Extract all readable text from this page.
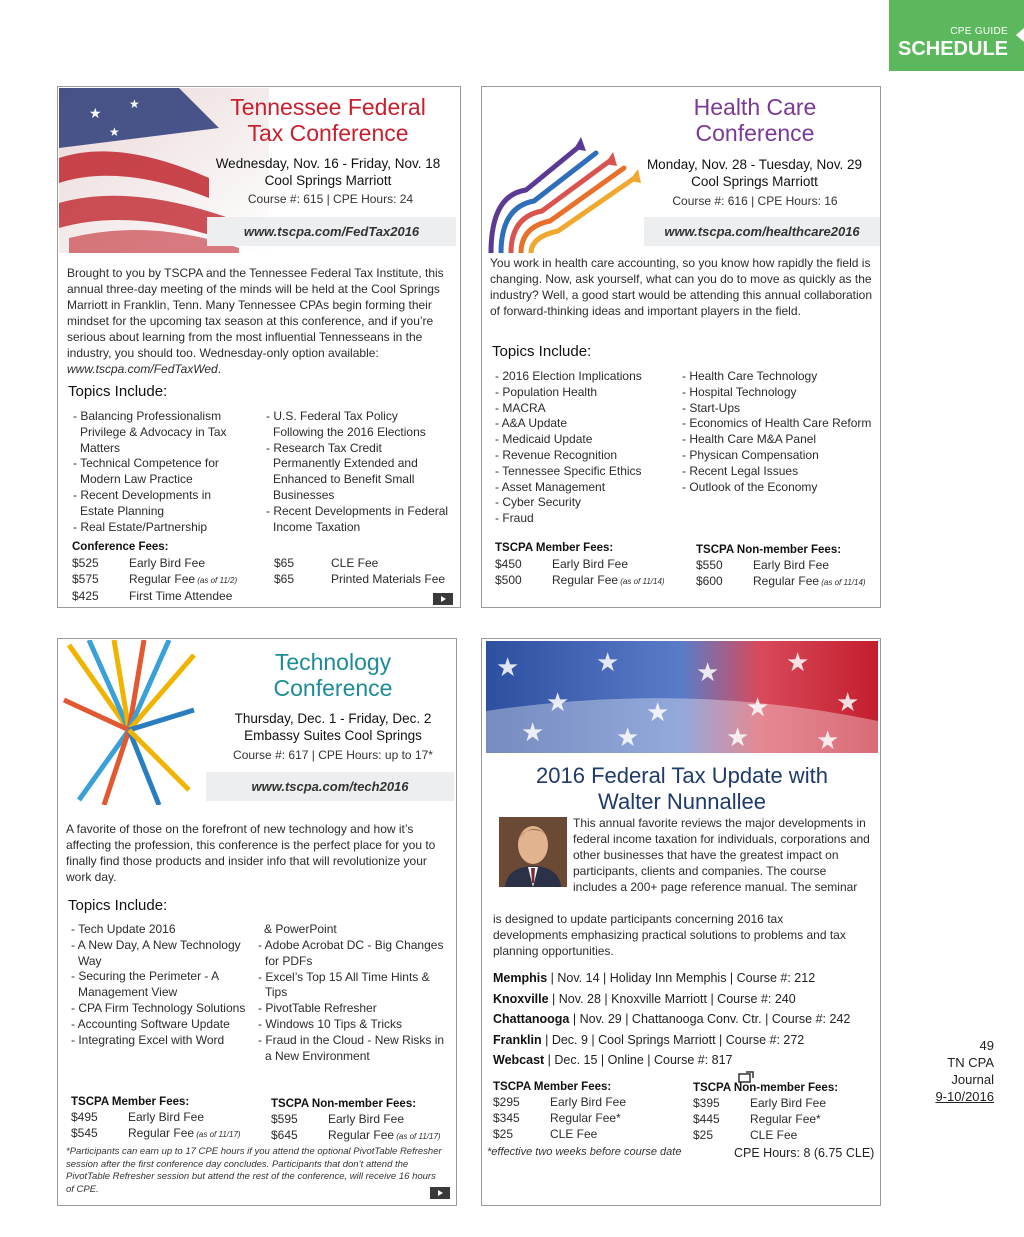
CPE GUIDE
SCHEDULE
★
★
★
Tennessee Federal
Tax Conference
Wednesday, Nov. 16 - Friday, Nov. 18
Cool Springs Marriott
Course #: 615 | CPE Hours: 24
www.tscpa.com/FedTax2016
Brought to you by TSCPA and the Tennessee Federal Tax Institute, this annual three-day meeting of the minds will be held at the Cool Springs Marriott in Franklin, Tenn. Many Tennessee CPAs begin forming their mindset for the upcoming tax season at this conference, and if you’re serious about learning from the most influential Tennesseans in the industry, you should too. Wednesday-only option available: www.tscpa.com/FedTaxWed.
Topics Include:
- Balancing Professionalism Privilege & Advocacy in Tax Matters
- Technical Competence for Modern Law Practice
- Recent Developments in Estate Planning
- Real Estate/Partnership
- U.S. Federal Tax Policy Following the 2016 Elections
- Research Tax Credit Permanently Extended and Enhanced to Benefit Small Businesses
- Recent Developments in Federal Income Taxation
Conference Fees:
$525	Early Bird Fee
$575	Regular Fee (as of 11/2)
$425	First Time Attendee
$65	CLE Fee
$65	Printed Materials Fee
Health Care
Conference
Monday, Nov. 28 - Tuesday, Nov. 29
Cool Springs Marriott
Course #: 616 | CPE Hours: 16
www.tscpa.com/healthcare2016
You work in health care accounting, so you know how rapidly the field is changing. Now, ask yourself, what can you do to move as quickly as the industry? Well, a good start would be attending this annual collaboration of forward-thinking ideas and important players in the field.
Topics Include:
- 2016 Election Implications
- Population Health
- MACRA
- A&A Update
- Medicaid Update
- Revenue Recognition
- Tennessee Specific Ethics
- Asset Management
- Cyber Security
- Fraud
- Health Care Technology
- Hospital Technology
- Start-Ups
- Economics of Health Care Reform
- Health Care M&A Panel
- Physican Compensation
- Recent Legal Issues
- Outlook of the Economy
TSCPA Member Fees:
$450	Early Bird Fee
$500	Regular Fee (as of 11/14)
TSCPA Non-member Fees:
$550	Early Bird Fee
$600	Regular Fee (as of 11/14)
Technology
Conference
Thursday, Dec. 1 - Friday, Dec. 2
Embassy Suites Cool Springs
Course #: 617 | CPE Hours: up to 17*
www.tscpa.com/tech2016
A favorite of those on the forefront of new technology and how it’s affecting the profession, this conference is the perfect place for you to finally find those products and insider info that will revolutionize your work day.
Topics Include:
- Tech Update 2016
- A New Day, A New Technology Way
- Securing the Perimeter - A Management View
- CPA Firm Technology Solutions
- Accounting Software Update
- Integrating Excel with Word
& PowerPoint
- Adobe Acrobat DC - Big Changes for PDFs
- Excel’s Top 15 All Time Hints & Tips
- PivotTable Refresher
- Windows 10 Tips & Tricks
- Fraud in the Cloud - New Risks in a New Environment
TSCPA Member Fees:
$495	Early Bird Fee
$545	Regular Fee (as of 11/17)
TSCPA Non-member Fees:
$595	Early Bird Fee
$645	Regular Fee (as of 11/17)
*Participants can earn up to 17 CPE hours if you attend the optional PivotTable Refresher session after the first conference day concludes. Participants that don’t attend the PivotTable Refresher session but attend the rest of the conference, will receive 16 hours of CPE.
★
★
★
★
★
★
★
★
★	★	★	★
2016 Federal Tax Update with
Walter Nunnallee
This annual favorite reviews the major developments in federal income taxation for individuals, corporations and other businesses that have the greatest impact on participants, clients and companies. The course includes a 200+ page reference manual. The seminar
is designed to update participants concerning 2016 tax developments emphasizing practical solutions to problems and tax planning opportunities.
Memphis | Nov. 14 | Holiday Inn Memphis | Course #: 212
Knoxville | Nov. 28 | Knoxville Marriott | Course #: 240
Chattanooga | Nov. 29 | Chattanooga Conv. Ctr. | Course #: 242
Franklin | Dec. 9 | Cool Springs Marriott | Course #: 272
Webcast | Dec. 15 | Online | Course #: 817
TSCPA Member Fees:
$295	Early Bird Fee
$345	Regular Fee*
$25	CLE Fee
TSCPA Non-member Fees:
$395	Early Bird Fee
$445	Regular Fee*
$25	CLE Fee
*effective two weeks before course date	CPE Hours: 8 (6.75 CLE)
49
TN CPA
Journal
9-10/2016
